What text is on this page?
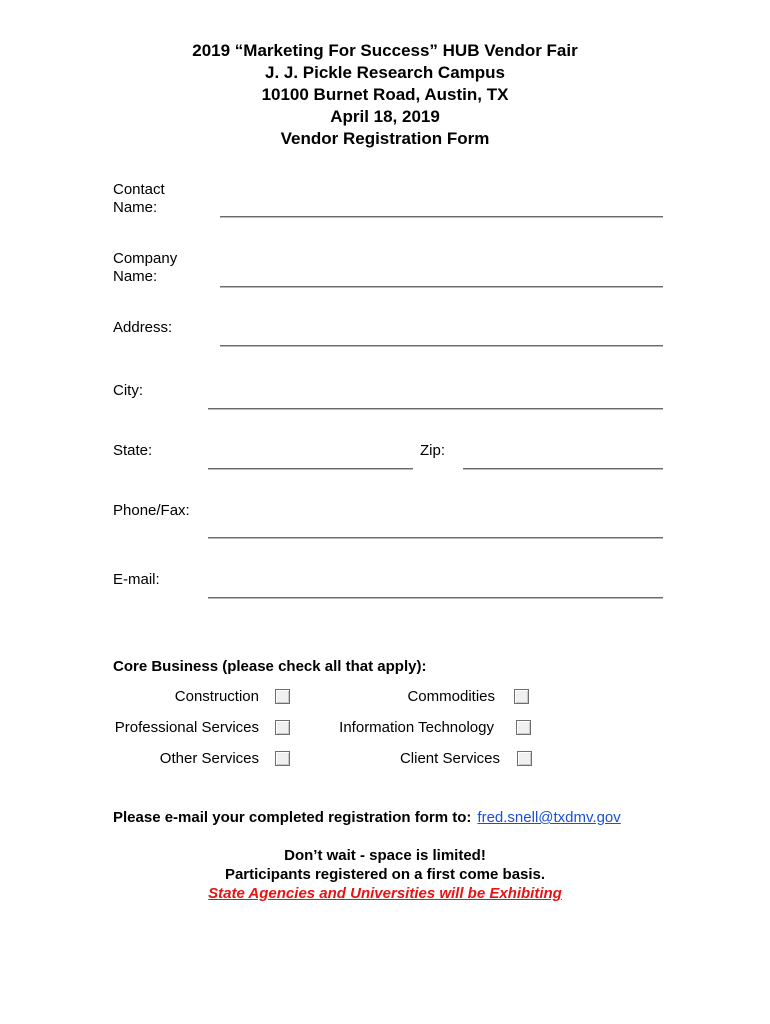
2019 “Marketing For Success” HUB Vendor Fair
J. J. Pickle Research Campus
10100 Burnet Road, Austin, TX
April 18, 2019
Vendor Registration Form
Contact
Name:
Company
Name:
Address:
City:
State:	Zip:
Phone/Fax:
E-mail:
Core Business (please check all that apply):
Construction	Commodities
Professional Services	Information Technology
Other Services	Client Services
Please e-mail your completed registration form to: fred.snell@txdmv.gov
Don’t wait - space is limited!
Participants registered on a first come basis.
State Agencies and Universities will be Exhibiting
